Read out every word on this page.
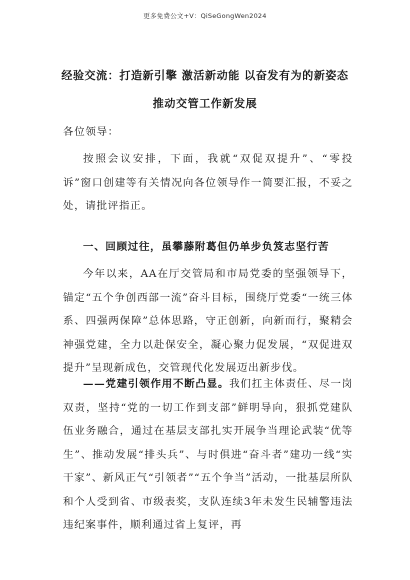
更多免费公文+V：QiSeGongWen2024
经验交流：打造新引擎 激活新动能 以奋发有为的新姿态
推动交管工作新发展
各位领导：

按照会议安排，下面，我就“双促双提升”、“零投诉”窗口创建等有关情况向各位领导作一简要汇报，不妥之处，请批评指正。

一、回顾过往，虽攀藤附葛但仍单步负笈志坚行苦

今年以来，AA在厅交管局和市局党委的坚强领导下，锚定“五个争创西部一流”奋斗目标，围绕厅党委“一统三体系、四强两保障”总体思路，守正创新，向新而行，聚精会神强党建，全力以赴保安全，凝心聚力促发展，“双促进双提升”呈现新成色，交管现代化发展迈出新步伐。

——党建引领作用不断凸显。我们扛主体责任、尽一岗双责，坚持“党的一切工作到支部”鲜明导向，狠抓党建队伍业务融合，通过在基层支部扎实开展争当理论武装“优等生”、推动发展“排头兵”、与时俱进“奋斗者”建功一线“实干家”、新风正气“引领者”“五个争当”活动，一批基层所队和个人受到省、市级表奖，支队连续3年未发生民辅警违法违纪案事件，顺利通过省上复评，再
